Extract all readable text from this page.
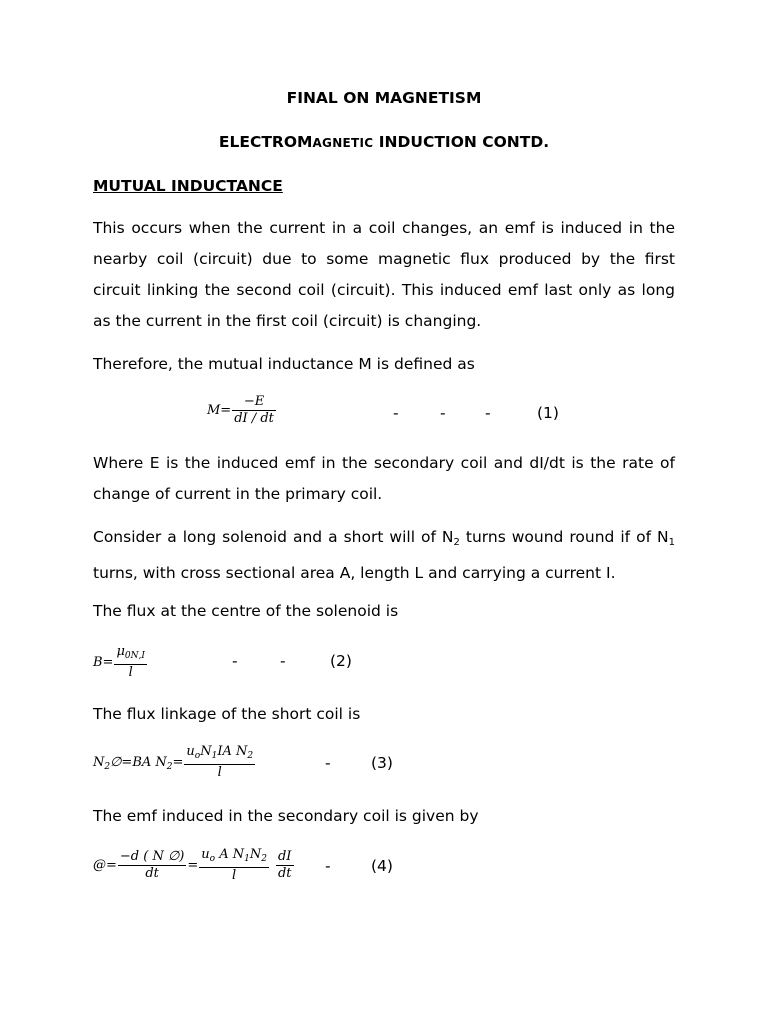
FINAL ON MAGNETISM
ELECTROMAGNETIC INDUCTION CONTD.
MUTUAL INDUCTANCE
This occurs when the current in a coil changes, an emf is induced in the nearby coil (circuit) due to some magnetic flux produced by the first circuit linking the second coil (circuit). This induced emf last only as long as the current in the first coil (circuit) is changing.
Therefore, the mutual inductance M is defined as
$M= \frac{-E}{dI / dt}$	-	-	-	(1)
Where E is the induced emf in the secondary coil and dI/dt is the rate of change of current in the primary coil.
Consider a long solenoid and a short will of $N_2$ turns wound round if of $N_1$ turns, with cross sectional area A, length L and carrying a current I.
The flux at the centre of the solenoid is
$B= \frac{\mu_{0N,I}}{l}$	-	-	(2)
The flux linkage of the short coil is
$N_2\emptyset=BA$ $N_2= \frac{u_oN_1IA N_2}{l}$	-	(3)
The emf induced in the secondary coil is given by
@= $\frac{-d ( N \emptyset)}{dt} = \frac{u_o A N_1N_2}{l} \frac{dI}{dt}$ -	(4)
